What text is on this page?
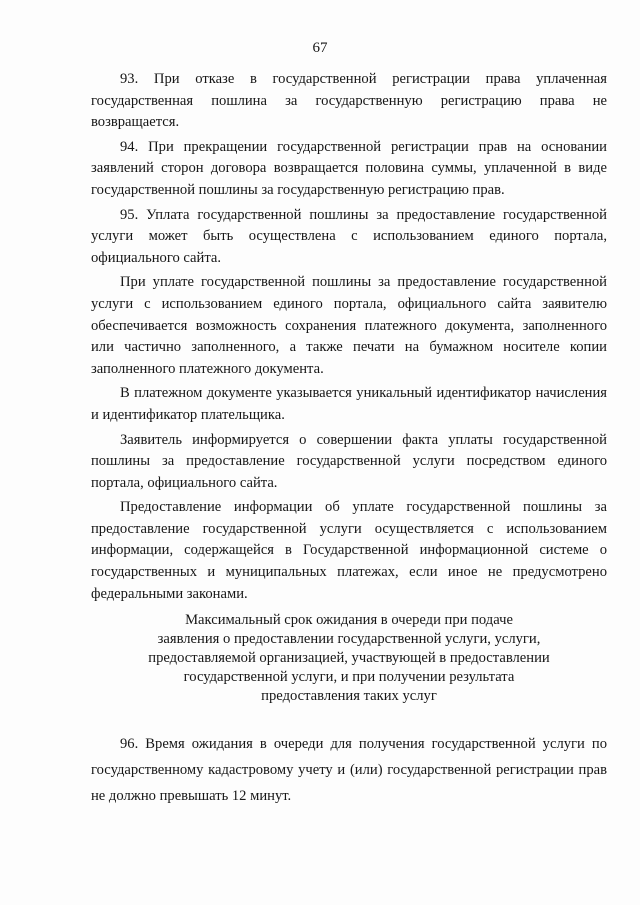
67

93. При отказе в государственной регистрации права уплаченная государственная пошлина за государственную регистрацию права не возвращается.

94. При прекращении государственной регистрации прав на основании заявлений сторон договора возвращается половина суммы, уплаченной в виде государственной пошлины за государственную регистрацию прав.

95. Уплата государственной пошлины за предоставление государственной услуги может быть осуществлена с использованием единого портала, официального сайта.

При уплате государственной пошлины за предоставление государственной услуги с использованием единого портала, официального сайта заявителю обеспечивается возможность сохранения платежного документа, заполненного или частично заполненного, а также печати на бумажном носителе копии заполненного платежного документа.

В платежном документе указывается уникальный идентификатор начисления и идентификатор плательщика.

Заявитель информируется о совершении факта уплаты государственной пошлины за предоставление государственной услуги посредством единого портала, официального сайта.

Предоставление информации об уплате государственной пошлины за предоставление государственной услуги осуществляется с использованием информации, содержащейся в Государственной информационной системе о государственных и муниципальных платежах, если иное не предусмотрено федеральными законами.

Максимальный срок ожидания в очереди при подаче
заявления о предоставлении государственной услуги, услуги,
предоставляемой организацией, участвующей в предоставлении
государственной услуги, и при получении результата
предоставления таких услуг

96. Время ожидания в очереди для получения государственной услуги по государственному кадастровому учету и (или) государственной регистрации прав не должно превышать 12 минут.
